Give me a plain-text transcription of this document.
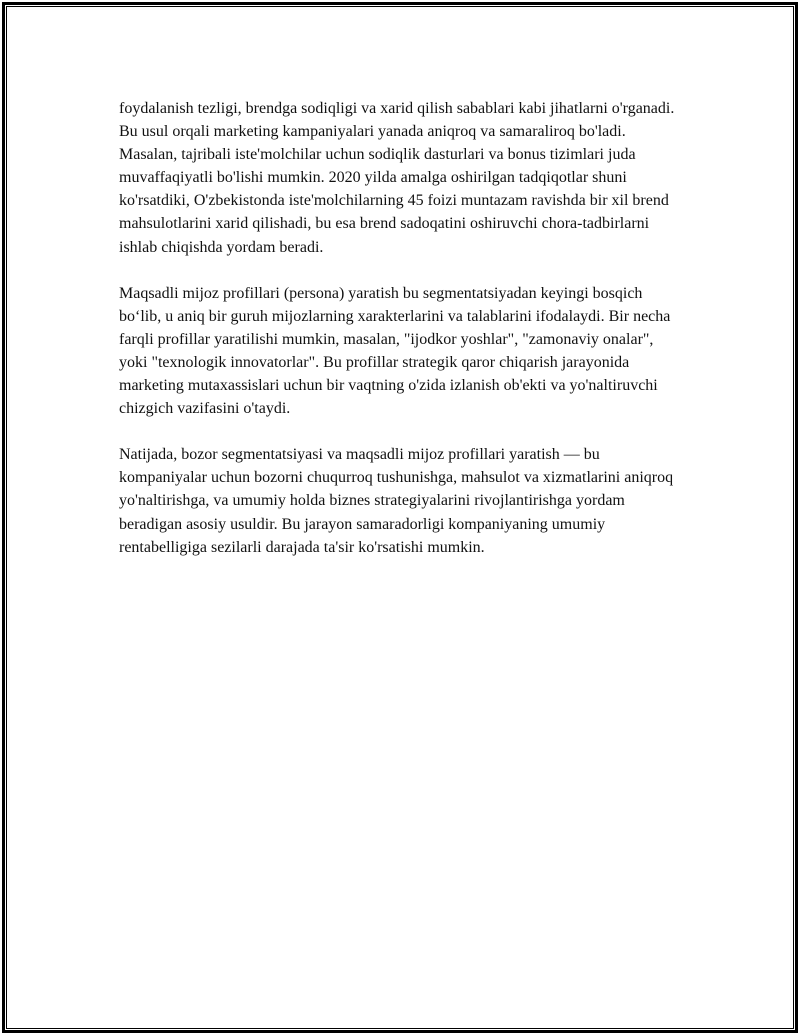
foydalanish tezligi, brendga sodiqligi va xarid qilish sabablari kabi jihatlarni o'rganadi. Bu usul orqali marketing kampaniyalari yanada aniqroq va samaraliroq bo'ladi. Masalan, tajribali iste'molchilar uchun sodiqlik dasturlari va bonus tizimlari juda muvaffaqiyatli bo'lishi mumkin. 2020 yilda amalga oshirilgan tadqiqotlar shuni ko'rsatdiki, O'zbekistonda iste'molchilarning 45 foizi muntazam ravishda bir xil brend mahsulotlarini xarid qilishadi, bu esa brend sadoqatini oshiruvchi chora-tadbirlarni ishlab chiqishda yordam beradi.

Maqsadli mijoz profillari (persona) yaratish bu segmentatsiyadan keyingi bosqich bo‘lib, u aniq bir guruh mijozlarning xarakterlarini va talablarini ifodalaydi. Bir necha farqli profillar yaratilishi mumkin, masalan, "ijodkor yoshlar", "zamonaviy onalar", yoki "texnologik innovatorlar". Bu profillar strategik qaror chiqarish jarayonida marketing mutaxassislari uchun bir vaqtning o'zida izlanish ob'ekti va yo'naltiruvchi chizgich vazifasini o'taydi.

Natijada, bozor segmentatsiyasi va maqsadli mijoz profillari yaratish — bu kompaniyalar uchun bozorni chuqurroq tushunishga, mahsulot va xizmatlarini aniqroq yo'naltirishga, va umumiy holda biznes strategiyalarini rivojlantirishga yordam beradigan asosiy usuldir. Bu jarayon samaradorligi kompaniyaning umumiy rentabelligiga sezilarli darajada ta'sir ko'rsatishi mumkin.
